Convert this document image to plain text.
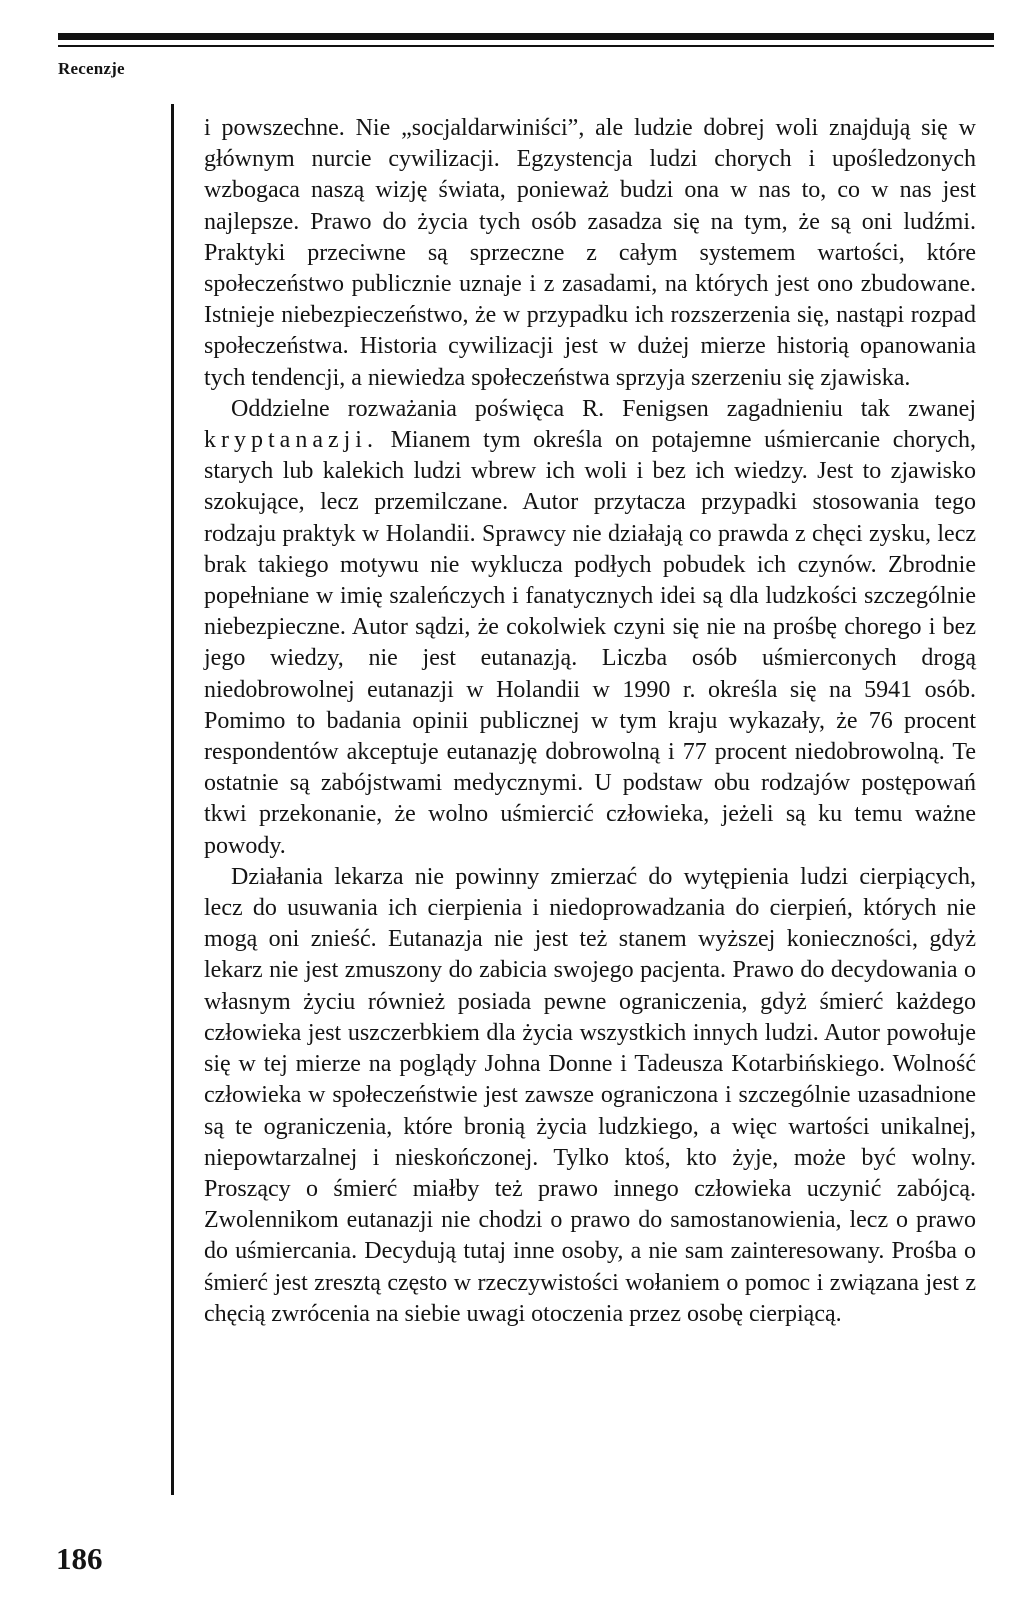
Recenzje

i powszechne. Nie „socjaldarwiniści”, ale ludzie dobrej woli znajdują się w głównym nurcie cywilizacji. Egzystencja ludzi chorych i upośledzonych wzbogaca naszą wizję świata, ponieważ budzi ona w nas to, co w nas jest najlepsze. Prawo do życia tych osób zasadza się na tym, że są oni ludźmi. Praktyki przeciwne są sprzeczne z całym systemem wartości, które społeczeństwo publicznie uznaje i z zasadami, na których jest ono zbudowane. Istnieje niebezpieczeństwo, że w przypadku ich rozszerzenia się, nastąpi rozpad społeczeństwa. Historia cywilizacji jest w dużej mierze historią opanowania tych tendencji, a niewiedza społeczeństwa sprzyja szerzeniu się zjawiska.

Oddzielne rozważania poświęca R. Fenigsen zagadnieniu tak zwanej kryptanazji. Mianem tym określa on potajemne uśmiercanie chorych, starych lub kalekich ludzi wbrew ich woli i bez ich wiedzy. Jest to zjawisko szokujące, lecz przemilczane. Autor przytacza przypadki stosowania tego rodzaju praktyk w Holandii. Sprawcy nie działają co prawda z chęci zysku, lecz brak takiego motywu nie wyklucza podłych pobudek ich czynów. Zbrodnie popełniane w imię szaleńczych i fanatycznych idei są dla ludzkości szczególnie niebezpieczne. Autor sądzi, że cokolwiek czyni się nie na prośbę chorego i bez jego wiedzy, nie jest eutanazją. Liczba osób uśmierconych drogą niedobrowolnej eutanazji w Holandii w 1990 r. określa się na 5941 osób. Pomimo to badania opinii publicznej w tym kraju wykazały, że 76 procent respondentów akceptuje eutanazję dobrowolną i 77 procent niedobrowolną. Te ostatnie są zabójstwami medycznymi. U podstaw obu rodzajów postępowań tkwi przekonanie, że wolno uśmiercić człowieka, jeżeli są ku temu ważne powody.

Działania lekarza nie powinny zmierzać do wytępienia ludzi cierpiących, lecz do usuwania ich cierpienia i niedoprowadzania do cierpień, których nie mogą oni znieść. Eutanazja nie jest też stanem wyższej konieczności, gdyż lekarz nie jest zmuszony do zabicia swojego pacjenta. Prawo do decydowania o własnym życiu również posiada pewne ograniczenia, gdyż śmierć każdego człowieka jest uszczerbkiem dla życia wszystkich innych ludzi. Autor powołuje się w tej mierze na poglądy Johna Donne i Tadeusza Kotarbińskiego. Wolność człowieka w społeczeństwie jest zawsze ograniczona i szczególnie uzasadnione są te ograniczenia, które bronią życia ludzkiego, a więc wartości unikalnej, niepowtarzalnej i nieskończonej. Tylko ktoś, kto żyje, może być wolny. Proszący o śmierć miałby też prawo innego człowieka uczynić zabójcą. Zwolennikom eutanazji nie chodzi o prawo do samostanowienia, lecz o prawo do uśmiercania. Decydują tutaj inne osoby, a nie sam zainteresowany. Prośba o śmierć jest zresztą często w rzeczywistości wołaniem o pomoc i związana jest z chęcią zwrócenia na siebie uwagi otoczenia przez osobę cierpiącą.

186
